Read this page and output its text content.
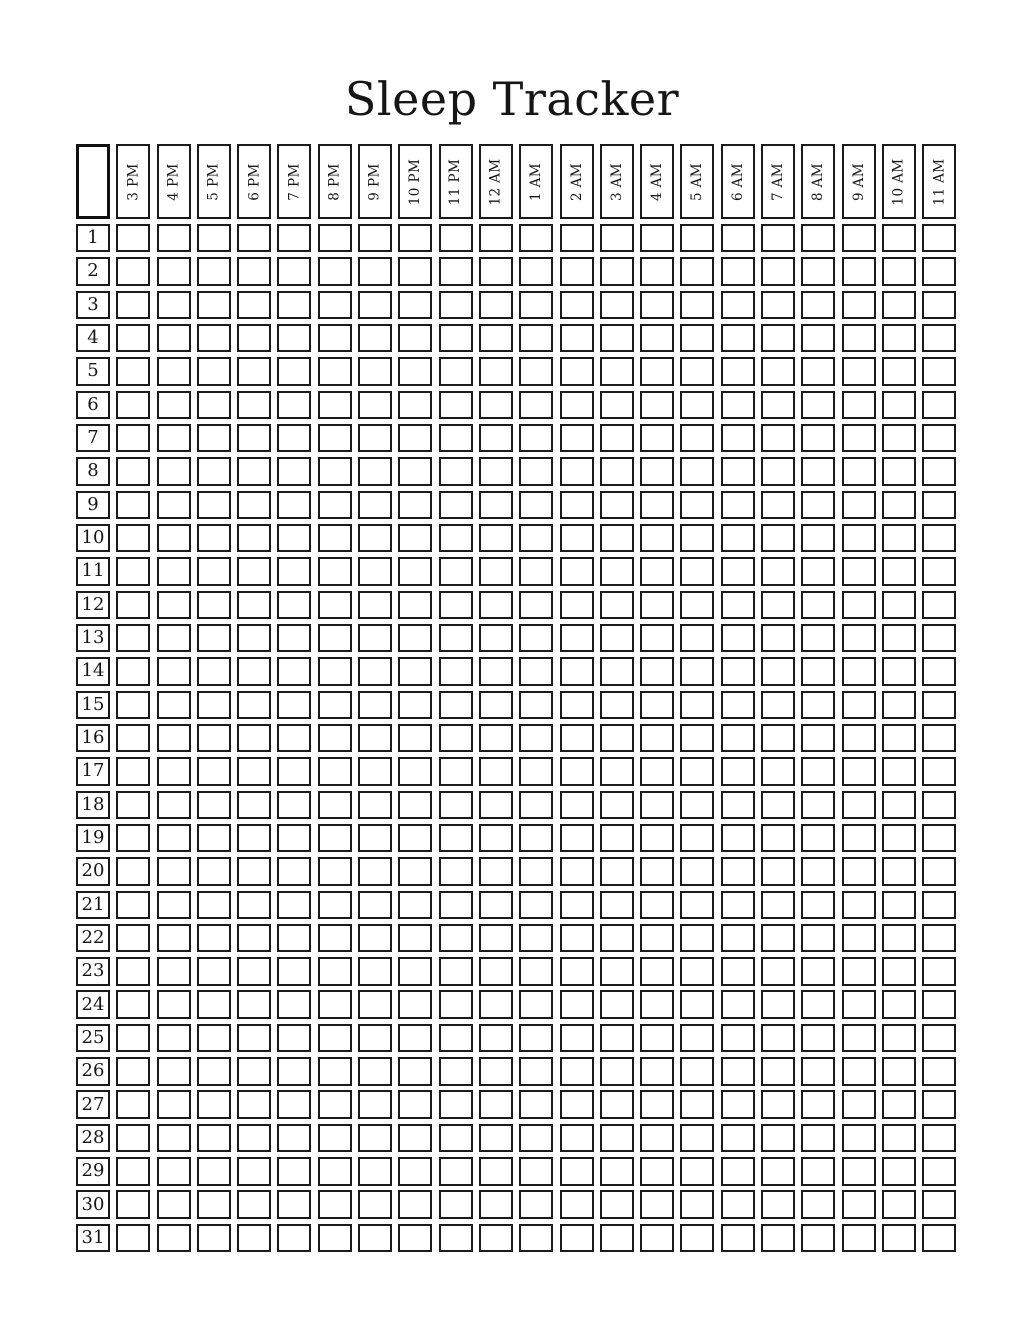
Sleep Tracker
3 PM 4 PM 5 PM 6 PM 7 PM 8 PM 9 PM 10 PM 11 PM 12 AM 1 AM 2 AM 3 AM 4 AM 5 AM 6 AM 7 AM 8 AM 9 AM 10 AM 11 AM
1
2
3
4
5
6
7
8
9
10
11
12
13
14
15
16
17
18
19
20
21
22
23
24
25
26
27
28
29
30
31
